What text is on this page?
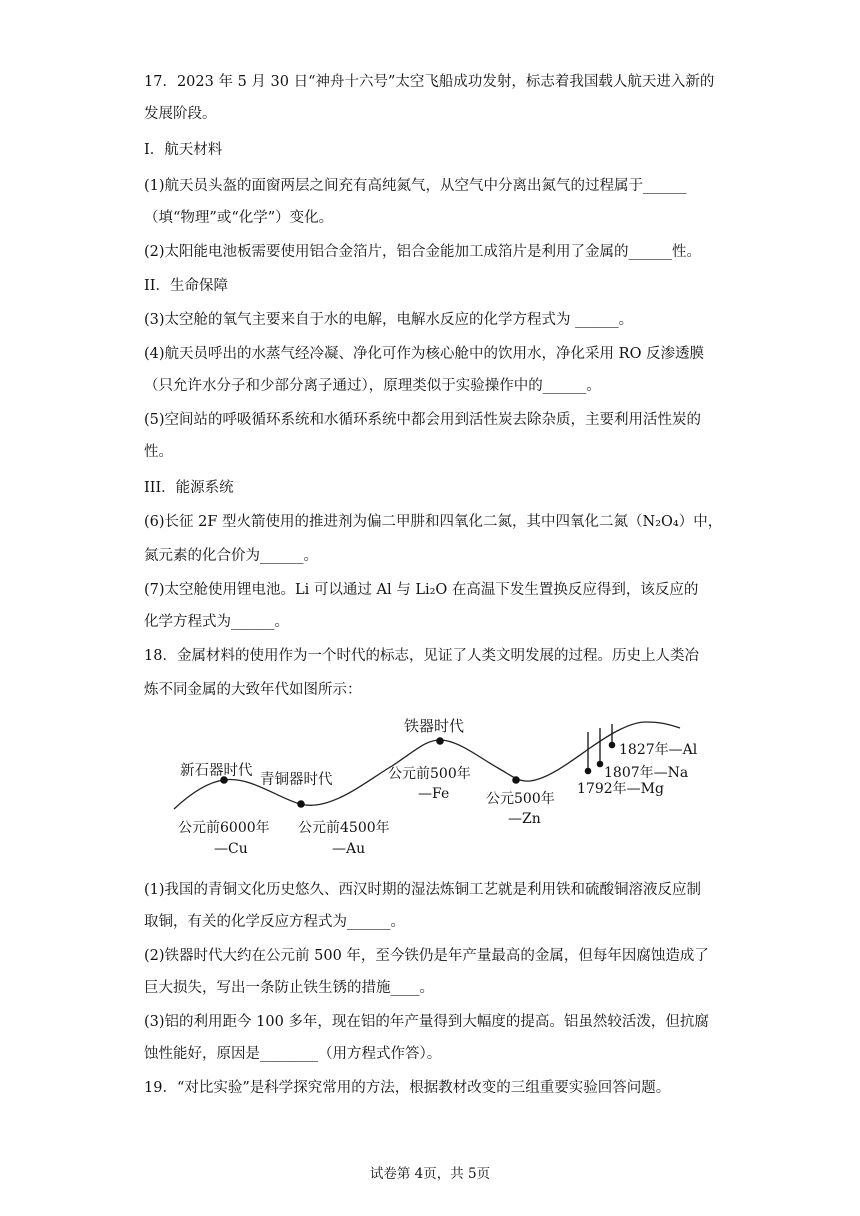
17．2023 年 5 月 30 日“神舟十六号”太空飞船成功发射，标志着我国载人航天进入新的
发展阶段。
I．航天材料
(1)航天员头盔的面窗两层之间充有高纯氮气，从空气中分离出氮气的过程属于______
（填“物理”或“化学”）变化。
(2)太阳能电池板需要使用铝合金箔片，铝合金能加工成箔片是利用了金属的______性。
II．生命保障
(3)太空舱的氧气主要来自于水的电解，电解水反应的化学方程式为 ______。
(4)航天员呼出的水蒸气经冷凝、净化可作为核心舱中的饮用水，净化采用 RO 反渗透膜
（只允许水分子和少部分离子通过），原理类似于实验操作中的______。
(5)空间站的呼吸循环系统和水循环系统中都会用到活性炭去除杂质，主要利用活性炭的
性。
III．能源系统
(6)长征 2F 型火箭使用的推进剂为偏二甲肼和四氧化二氮，其中四氧化二氮（N₂O₄）中，
氮元素的化合价为______。
(7)太空舱使用锂电池。Li 可以通过 Al 与 Li₂O 在高温下发生置换反应得到，该反应的
化学方程式为______。
18．金属材料的使用作为一个时代的标志，见证了人类文明发展的过程。历史上人类冶
炼不同金属的大致年代如图所示：
新石器时代
青铜器时代
铁器时代
公元前6000年
—Cu
公元前4500年
—Au
公元前500年
—Fe	公元500年
—Zn
1827年—Al
1807年—Na
1792年—Mg
(1)我国的青铜文化历史悠久、西汉时期的湿法炼铜工艺就是利用铁和硫酸铜溶液反应制
取铜，有关的化学反应方程式为______。
(2)铁器时代大约在公元前 500 年，至今铁仍是年产量最高的金属，但每年因腐蚀造成了
巨大损失，写出一条防止铁生锈的措施____。
(3)铝的利用距今 100 多年，现在铝的年产量得到大幅度的提高。铝虽然较活泼，但抗腐
蚀性能好，原因是________（用方程式作答）。
19．“对比实验”是科学探究常用的方法，根据教材改变的三组重要实验回答问题。
试卷第 4页，共 5页
